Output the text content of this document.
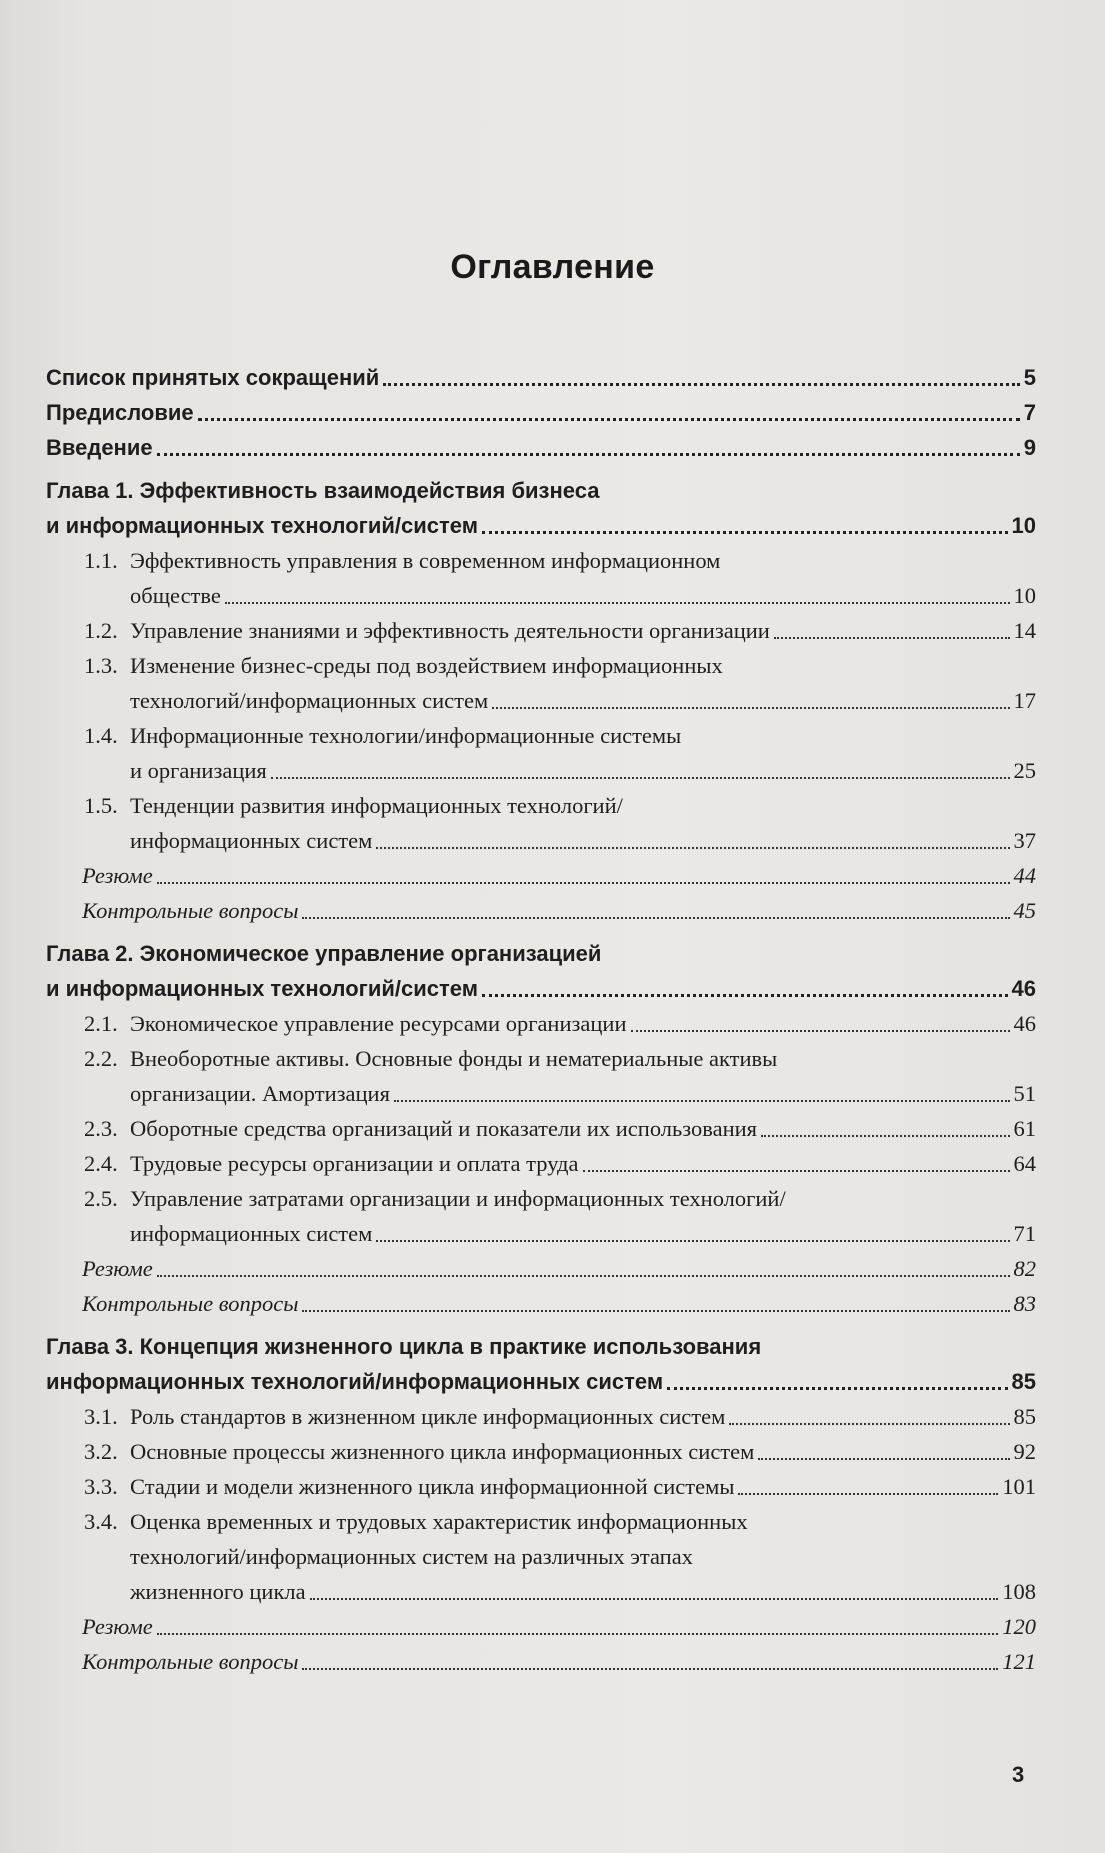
Оглавление
Список принятых сокращений	5
Предисловие	7
Введение	9
Глава 1. Эффективность взаимодействия бизнеса
и информационных технологий/систем	10
1.1. Эффективность управления в современном информационном
обществе	10
1.2. Управление знаниями и эффективность деятельности организации	14
1.3. Изменение бизнес-среды под воздействием информационных
технологий/информационных систем	17
1.4. Информационные технологии/информационные системы
и организация	25
1.5. Тенденции развития информационных технологий/
информационных систем	37
Резюме	44
Контрольные вопросы	45
Глава 2. Экономическое управление организацией
и информационных технологий/систем	46
2.1. Экономическое управление ресурсами организации	46
2.2. Внеоборотные активы. Основные фонды и нематериальные активы
организации. Амортизация	51
2.3. Оборотные средства организаций и показатели их использования	61
2.4. Трудовые ресурсы организации и оплата труда	64
2.5. Управление затратами организации и информационных технологий/
информационных систем	71
Резюме	82
Контрольные вопросы	83
Глава 3. Концепция жизненного цикла в практике использования
информационных технологий/информационных систем	85
3.1. Роль стандартов в жизненном цикле информационных систем	85
3.2. Основные процессы жизненного цикла информационных систем	92
3.3. Стадии и модели жизненного цикла информационной системы	101
3.4. Оценка временных и трудовых характеристик информационных
технологий/информационных систем на различных этапах
жизненного цикла	108
Резюме	120
Контрольные вопросы	121
3
